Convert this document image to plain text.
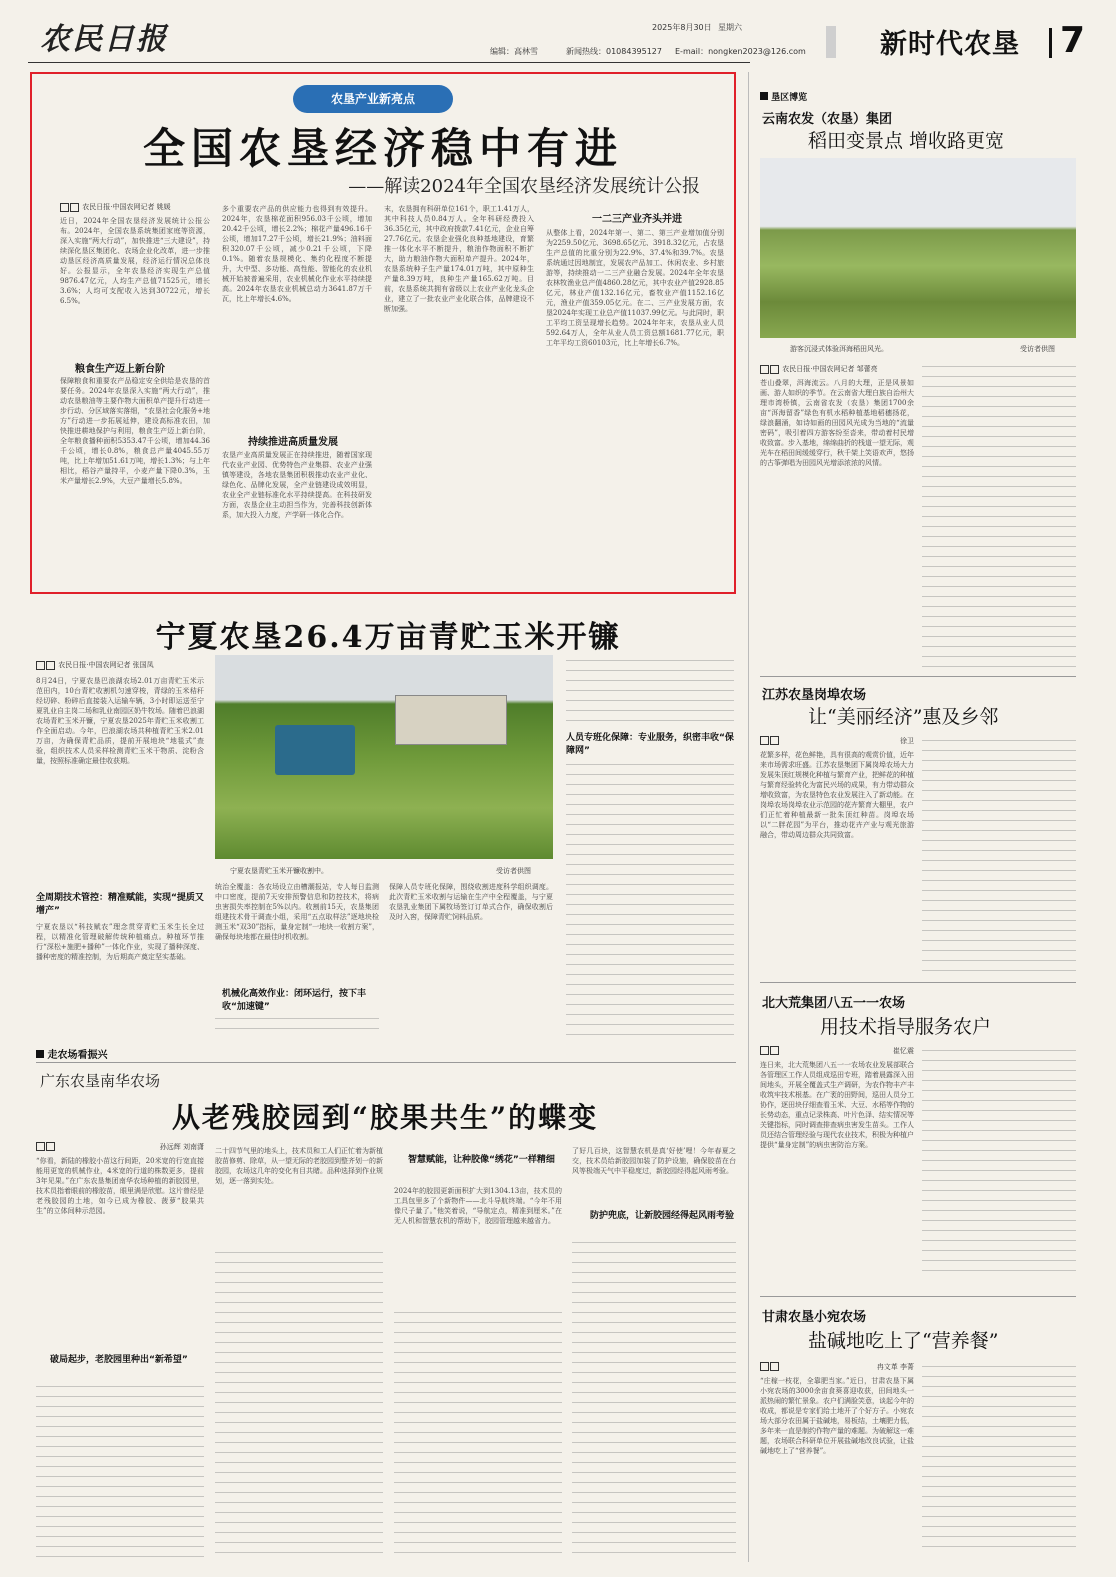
农民日报	2025年8月30日 星期六
编辑：高林雪	新闻热线：01084395127 E-mail：nongken2023@126.com	新时代农垦 7
农垦产业新亮点
全国农垦经济稳中有进
——解读2024年全国农垦经济发展统计公报
农民日报·中国农网记者 姚媛
近日，2024年全国农垦经济发展统计公报公布。2024年，全国农垦系统集团家庭等资源，深入实施“两大行动”，加快推进“三大建设”，持续深化垦区集团化、农场企业化改革，进一步推动垦区经济高质量发展，经济运行情况总体良好。公报显示，全年农垦经济实现生产总值9876.47亿元，人均生产总值71525元，增长3.6%；人均可支配收入达到30722元，增长6.5%。
粮食生产迈上新台阶
保障粮食和重要农产品稳定安全供给是农垦的首要任务。2024年农垦深入实施“两大行动”，推动农垦粮油等主要作物大面积单产提升行动进一步行动、分区域落实落细，“农垦社会化服务+地方”行动进一步拓展延伸，建设高标准农田，加快推进耕地保护与利用，粮食生产迈上新台阶，全年粮食播种面积5353.47千公顷，增加44.36千公顷，增长0.8%，粮食总产量4045.55万吨，比上年增加51.61万吨，增长1.3%；与上年相比，稻谷产量持平，小麦产量下降0.3%，玉米产量增长2.9%，大豆产量增长5.8%。
多个重要农产品的供应能力也得到有效提升。2024年，农垦棉花面积956.03千公顷，增加20.42千公顷，增长2.2%；棉花产量496.16千公顷，增加17.27千公顷，增长21.9%；油料面积320.07千公顷，减少0.21千公顷，下降0.1%。随着农垦规模化、集约化程度不断提升，大中型、多功能、高性能、智能化的农业机械开始被普遍采用，农业机械化作业水平持续提高。2024年农垦农业机械总动力3641.87万千瓦，比上年增长4.6%。
持续推进高质量发展
农垦产业高质量发展正在持续推进，随着国家现代农业产业园、优势特色产业集群、农业产业强镇等建设，各地农垦集团积极推动农业产业化、绿色化、品牌化发展，全产业链建设成效明显，农业全产业链标准化水平持续提高。在科技研发方面，农垦企业主动担当作为，完善科技创新体系，加大投入力度，产学研一体化合作。
末，农垦拥有科研单位161个，职工1.41万人，其中科技人员0.84万人。全年科研经费投入36.35亿元，其中政府拨款7.41亿元，企业自筹27.76亿元。农垦企业强化良种基地建设，育繁推一体化水平不断提升，粮油作物面积不断扩大，助力粮油作物大面积单产提升。2024年，农垦系统种子生产量174.01万吨，其中原种生产量8.39万吨，良种生产量165.62万吨。目前，农垦系统共拥有省级以上农业产业化龙头企业，建立了一批农业产业化联合体，品牌建设不断加强。
一二三产业齐头并进
从整体上看，2024年第一、第二、第三产业增加值分别为2259.50亿元、3698.65亿元、3918.32亿元，占农垦生产总值的比重分别为22.9%、37.4%和39.7%。农垦系统通过因地制宜，发展农产品加工、休闲农业、乡村旅游等，持续推动一二三产业融合发展。2024年全年农垦农林牧渔业总产值4860.28亿元，其中农业产值2928.85亿元，林业产值132.16亿元，畜牧业产值1152.16亿元，渔业产值359.05亿元。在二、三产业发展方面，农垦2024年实现工业总产值11037.99亿元。与此同时，职工平均工资呈现增长趋势。2024年年末，农垦从业人员592.64万人，全年从业人员工资总额1681.77亿元，职工年平均工资60103元，比上年增长6.7%。
垦区博览
云南农发（农垦）集团
稻田变景点 增收路更宽
游客沉浸式体验洱海稻田风光。	受访者供图
农民日报·中国农网记者 邹蕾亮
苍山叠翠，洱海流云。八月的大理，正是风景如画、游人如织的季节。在云南省大理白族自治州大理市湾桥镇，云南省农发（农垦）集团1700余亩“洱海留香”绿色有机水稻种植基地稻穗扬花，绿浪翻涌，如诗如画的田园风光成为当地的“流量密码”，吸引着四方游客纷至沓来，带动着村民增收致富。步入基地，绵绵曲折的栈道一望无际，观光车在稻田间缓缓穿行，秋千架上笑语欢声，悠扬的古筝弹唱为田园风光增添浓浓的风情。
江苏农垦岗埠农场
让“美丽经济”惠及乡邻
徐卫
花繁多样，花色鲜艳，具有很高的观赏价值，近年来市场需求旺盛。江苏农垦集团下属岗埠农场大力发展朱顶红规模化种植与繁育产业，把鲜花的种植与繁育经验转化为富民兴场的成果，有力带动群众增收致富，为农垦特色农业发展注入了新动能。在岗埠农场岗埠农业示范园的花卉繁育大棚里，农户们正忙着种植最新一批朱顶红种苗。岗埠农场以“二胖花园”为平台，推动花卉产业与观光旅游融合，带动周边群众共同致富。
北大荒集团八五一一农场
用技术指导服务农户
崔忆震
连日来，北大荒集团八五一一农场农业发展部联合各管理区工作人员组成巡田专班，踏着晨露深入田间地头，开展全覆盖式生产调研，为农作物丰产丰收筑牢技术根基。在广袤的田野间，巡田人员分工协作，逐田块仔细查看玉米、大豆、水稻等作物的长势动态，重点记录株高、叶片色泽、结实情况等关键指标，同时调查排查病虫害发生苗头。工作人员还结合管理经验与现代农业技术，积极为种植户提供“量身定制”的病虫害防治方案。
甘肃农垦小宛农场
盐碱地吃上了“营养餐”
冉文革 李菁
“庄稼一枝花，全靠肥当家。”近日，甘肃农垦下属小宛农场的3000余亩食葵喜迎收获，田间地头一派热闹的繁忙景象。农户们满脸笑意，谈起今年的收成，都说是专家们给土地开了个好方子。小宛农场大部分农田属于盐碱地，易板结，土壤肥力低，多年来一直是制约作物产量的难题。为破解这一难题，农场联合科研单位开展盐碱地改良试验，让盐碱地吃上了“营养餐”。
宁夏农垦26.4万亩青贮玉米开镰
农民日报·中国农网记者 张国凤
8月24日，宁夏农垦巴浪湖农场2.01万亩青贮玉米示范田内，10台青贮收割机匀速穿梭，青绿的玉米秸秆经切碎、粉碎后直接装入运输车辆，3小时即运送至宁夏乳业自主岗二场和乳业南园区奶牛牧场。随着巴浪湖农场青贮玉米开镰，宁夏农垦2025年青贮玉米收割工作全面启动。今年，巴浪湖农场共种植青贮玉米2.01万亩，为确保青贮品质，提前开展地块“地毯式”查验，组织技术人员采样检测青贮玉米干物质、淀粉含量，按照标准确定最佳收获期。
全周期技术管控：精准赋能，实现“提质又增产”
宁夏农垦以“科技赋农”理念贯穿青贮玉米生长全过程，以精准化管理破解传统种植痛点。种植环节推行“深松+施肥+播种”一体化作业，实现了播种深度、播种密度的精准控制，为后期高产奠定坚实基础。
宁夏农垦青贮玉米开镰收割中。	受访者供图
统治全覆盖：各农场设立由槽潮报站，专人每日监测中口密度，提前7天安排预警信息和防控技术，将病虫害损失率控制在5%以内。收割前15天，农垦集团组建技术骨干调查小组，采用“五点取样法”逐地块检测玉米“双30”指标，量身定制“一地块一收割方案”，确保每块地都在最佳时机收割。
机械化高效作业：闭环运行，按下丰收“加速键”
保障人员专班化保障，围绕收割进度科学组织调度。此次青贮玉米收割与运输在生产中全程覆盖，与宁夏农垦乳业集团下属牧场签订订单式合作，确保收割后及时入窖，保障青贮饲料品质。
人员专班化保障：专业服务，织密丰收“保障网”
走农场看振兴
广东农垦南华农场
从老残胶园到“胶果共生”的蝶变
孙远辉 刘南潇
“你看，新陆的橡胶小苗这行间距，20米宽的行宽直接能用更宽的机械作业，4米宽的行道的株数更多，提前3年见果。”在广东农垦集团南华农场种植的新胶园里，技术员指着眼前的橡胶苗，眼里满是欣慰。这片曾经是老残胶园的土地，如今已成为橡胶、菠萝“胶果共生”的立体间种示范园。
破局起步，老胶园里种出“新希望”
二十四节气里的地头上，技术员和工人们正忙着为新植胶苗修剪、除草，从一望无际的老胶园到整齐划一的新胶园，农场这几年的变化有目共睹。品种选择到作业规划，逐一落到实处。
智慧赋能，让种胶像“绣花”一样精细
2024年的胶园更新面积扩大到1304.13亩，技术员的工具包里多了个新物件——北斗导航终端。“今年不用像尺子量了。”他笑着说，“导航定点，精准到厘米。”在无人机和智慧农机的帮助下，胶园管理越来越省力。
了好几百块，这智慧农机是真‘好使’哩！今年春夏之交，技术员给新胶园加装了防护设施，确保胶苗在台风等极端天气中平稳度过，新胶园经得起风雨考验。
防护兜底，让新胶园经得起风雨考验
